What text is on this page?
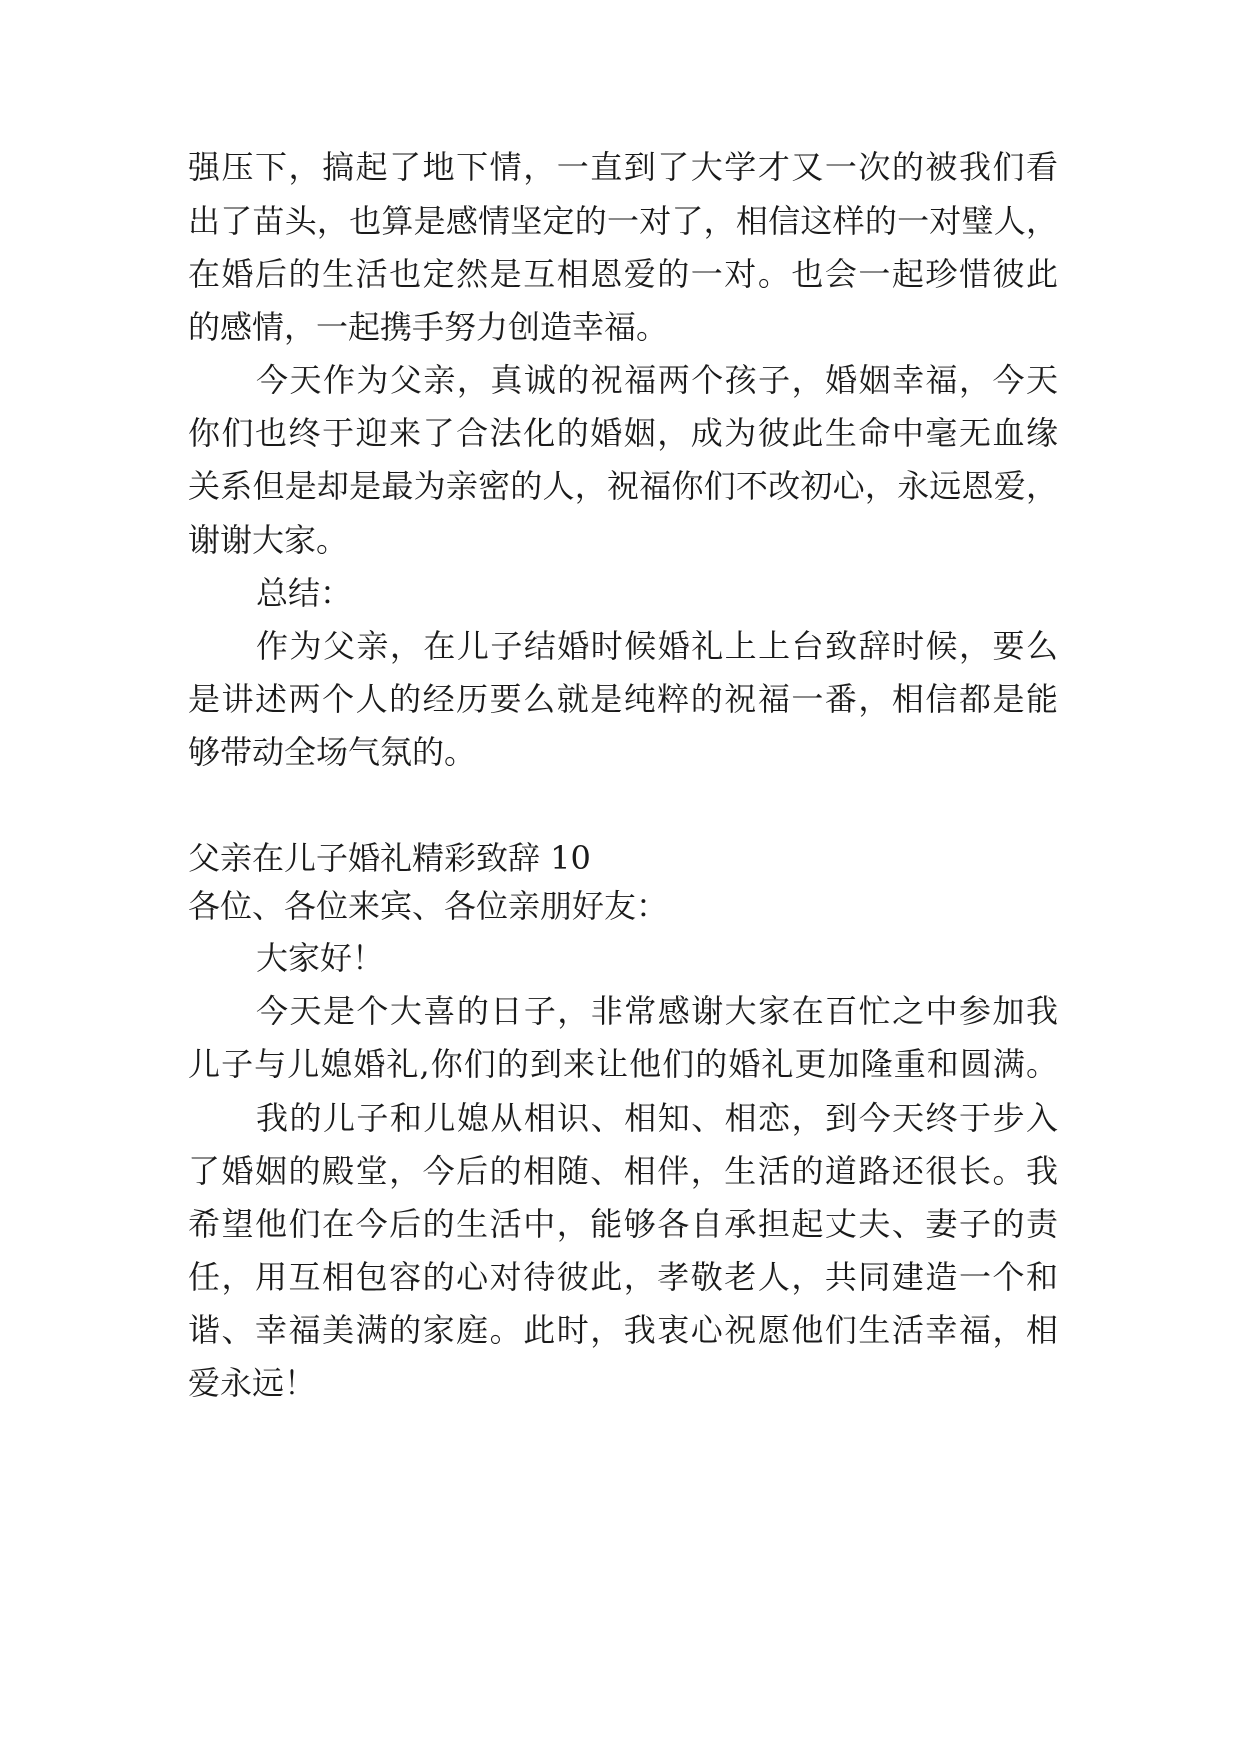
强压下，搞起了地下情，一直到了大学才又一次的被我们看
出了苗头，也算是感情坚定的一对了，相信这样的一对璧人，
在婚后的生活也定然是互相恩爱的一对。也会一起珍惜彼此
的感情，一起携手努力创造幸福。
今天作为父亲，真诚的祝福两个孩子，婚姻幸福，今天
你们也终于迎来了合法化的婚姻，成为彼此生命中毫无血缘
关系但是却是最为亲密的人，祝福你们不改初心，永远恩爱，
谢谢大家。
总结：
作为父亲，在儿子结婚时候婚礼上上台致辞时候，要么
是讲述两个人的经历要么就是纯粹的祝福一番，相信都是能
够带动全场气氛的。
父亲在儿子婚礼精彩致辞 10
各位、各位来宾、各位亲朋好友：
大家好！
今天是个大喜的日子，非常感谢大家在百忙之中参加我
儿子与儿媳婚礼,你们的到来让他们的婚礼更加隆重和圆满。
我的儿子和儿媳从相识、相知、相恋，到今天终于步入
了婚姻的殿堂，今后的相随、相伴，生活的道路还很长。我
希望他们在今后的生活中，能够各自承担起丈夫、妻子的责
任，用互相包容的心对待彼此，孝敬老人，共同建造一个和
谐、幸福美满的家庭。此时，我衷心祝愿他们生活幸福，相
爱永远！
